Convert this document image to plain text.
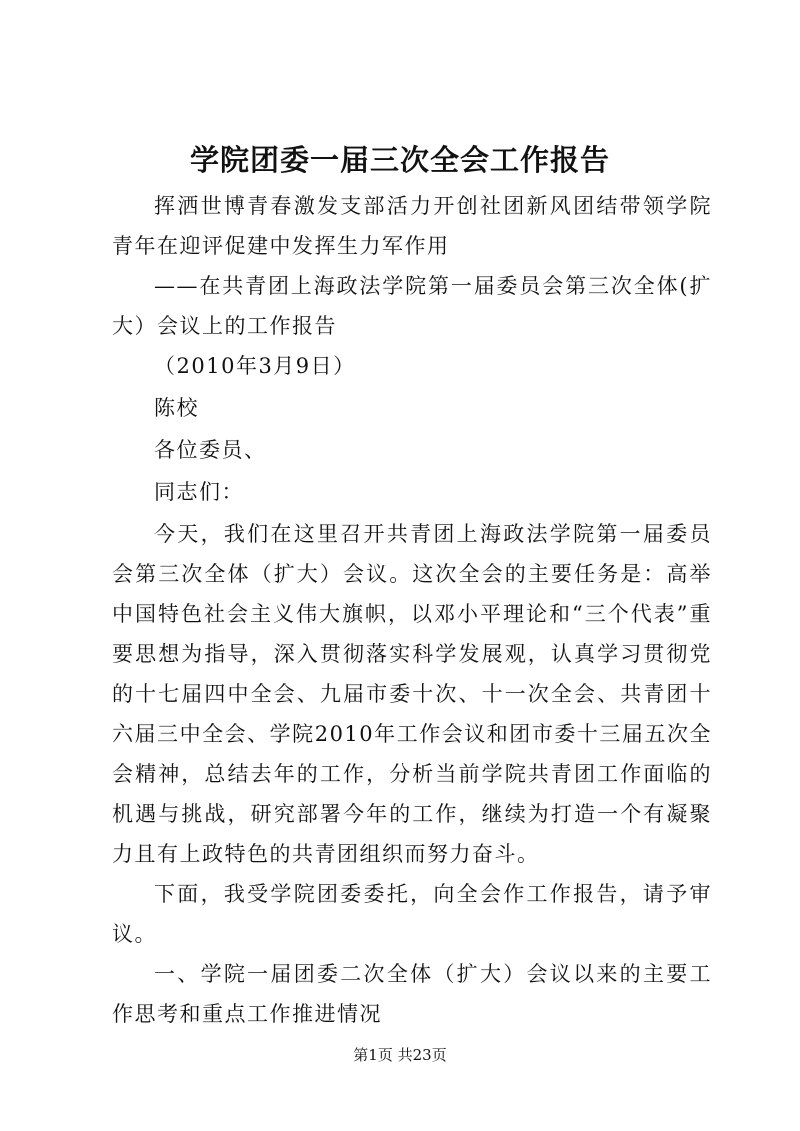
学院团委一届三次全会工作报告

挥洒世博青春激发支部活力开创社团新风团结带领学院青年在迎评促建中发挥生力军作用

——在共青团上海政法学院第一届委员会第三次全体(扩大）会议上的工作报告

（2010年3月9日）

陈校

各位委员、

同志们：

今天，我们在这里召开共青团上海政法学院第一届委员会第三次全体（扩大）会议。这次全会的主要任务是：高举中国特色社会主义伟大旗帜，以邓小平理论和“三个代表”重要思想为指导，深入贯彻落实科学发展观，认真学习贯彻党的十七届四中全会、九届市委十次、十一次全会、共青团十六届三中全会、学院2010年工作会议和团市委十三届五次全会精神，总结去年的工作，分析当前学院共青团工作面临的机遇与挑战，研究部署今年的工作，继续为打造一个有凝聚力且有上政特色的共青团组织而努力奋斗。

下面，我受学院团委委托，向全会作工作报告，请予审议。

一、学院一届团委二次全体（扩大）会议以来的主要工作思考和重点工作推进情况

第1页 共23页
